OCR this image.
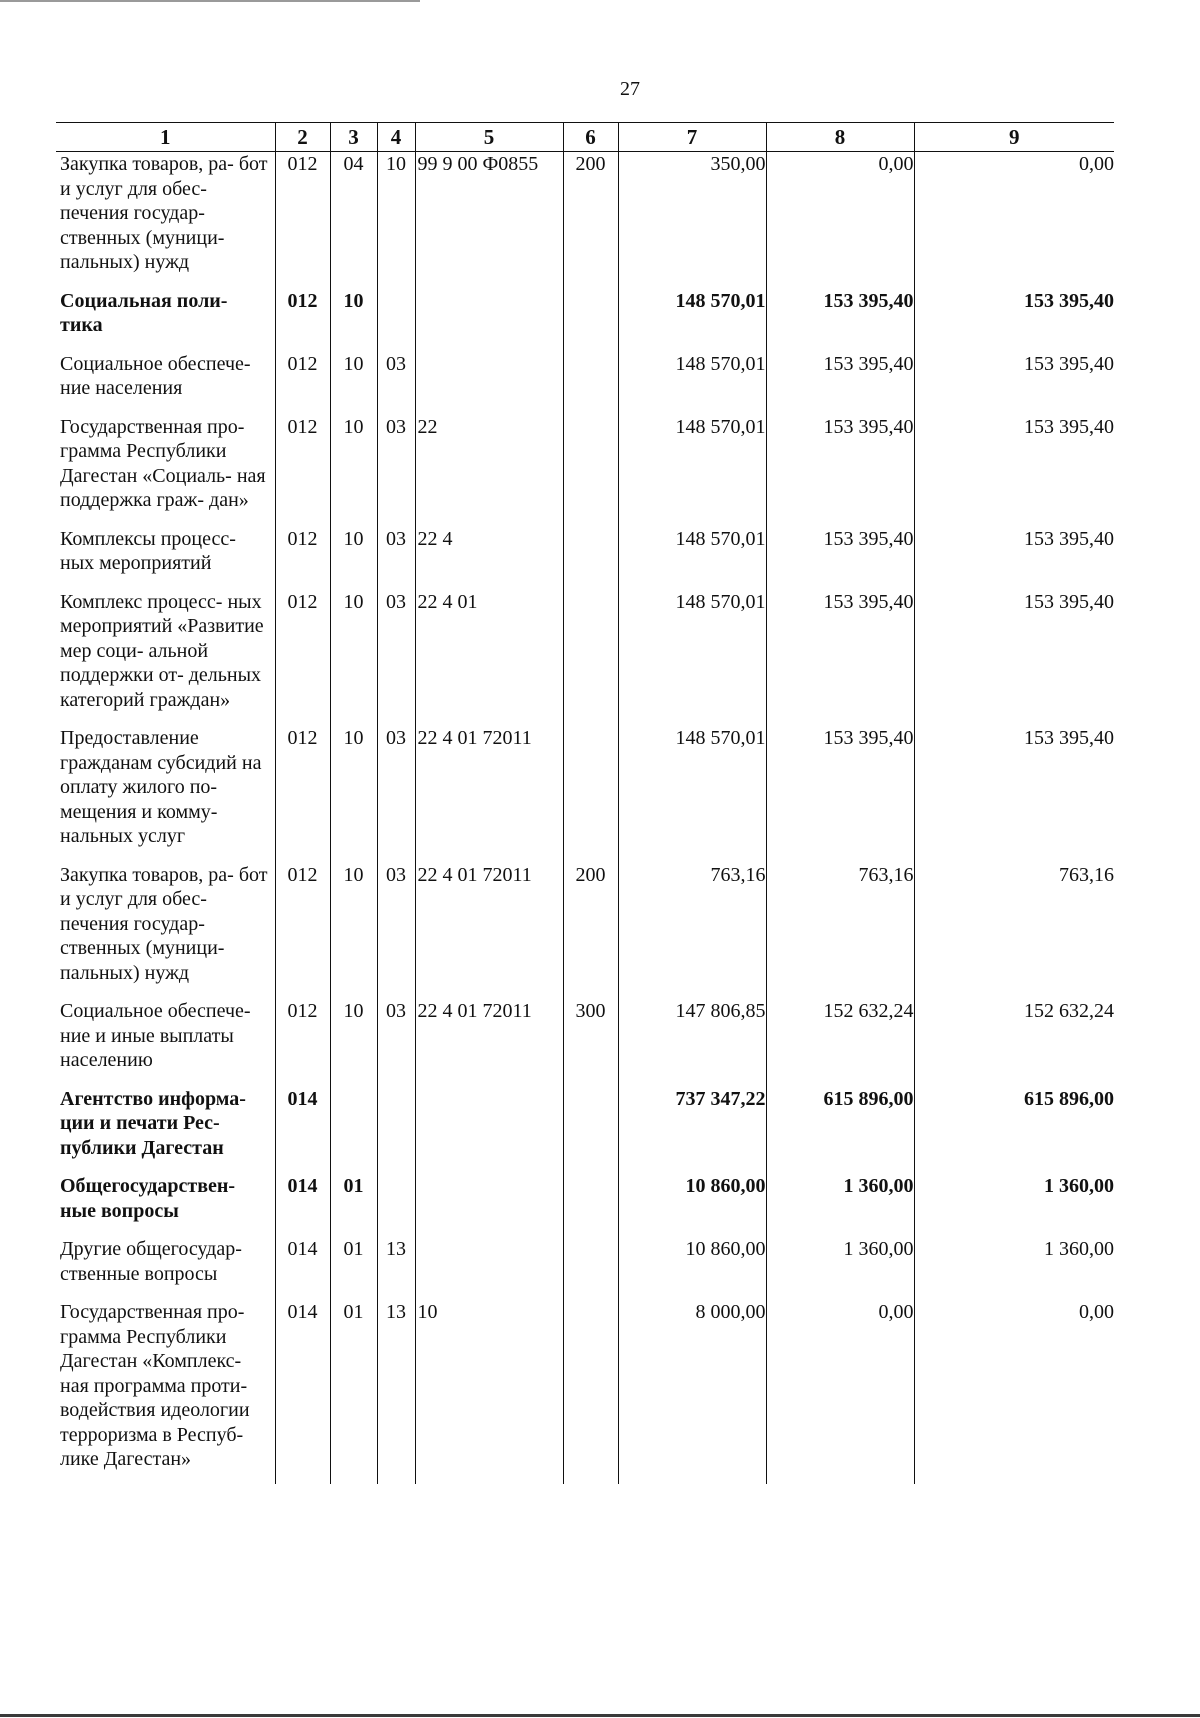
27
1	2	3	4	5	6	7	8	9
Закупка товаров, ра- бот и услуг для обес- печения государ- ственных (муници- пальных) нужд	012	04	10	99 9 00 Ф0855	200	350,00	0,00	0,00
Социальная поли- тика	012	10				148 570,01	153 395,40	153 395,40
Социальное обеспече- ние населения	012	10	03			148 570,01	153 395,40	153 395,40
Государственная про- грамма Республики Дагестан «Социаль- ная поддержка граж- дан»	012	10	03	22		148 570,01	153 395,40	153 395,40
Комплексы процесс- ных мероприятий	012	10	03	22 4		148 570,01	153 395,40	153 395,40
Комплекс процесс- ных мероприятий «Развитие мер соци- альной поддержки от- дельных категорий граждан»	012	10	03	22 4 01		148 570,01	153 395,40	153 395,40
Предоставление гражданам субсидий на оплату жилого по- мещения и комму- нальных услуг	012	10	03	22 4 01 72011		148 570,01	153 395,40	153 395,40
Закупка товаров, ра- бот и услуг для обес- печения государ- ственных (муници- пальных) нужд	012	10	03	22 4 01 72011	200	763,16	763,16	763,16
Социальное обеспече- ние и иные выплаты населению	012	10	03	22 4 01 72011	300	147 806,85	152 632,24	152 632,24
Агентство информа- ции и печати Рес- публики Дагестан	014					737 347,22	615 896,00	615 896,00
Общегосударствен- ные вопросы	014	01				10 860,00	1 360,00	1 360,00
Другие общегосудар- ственные вопросы	014	01	13			10 860,00	1 360,00	1 360,00
Государственная про- грамма Республики Дагестан «Комплекс- ная программа проти- водействия идеологии терроризма в Респуб- лике Дагестан»	014	01	13	10		8 000,00	0,00	0,00
